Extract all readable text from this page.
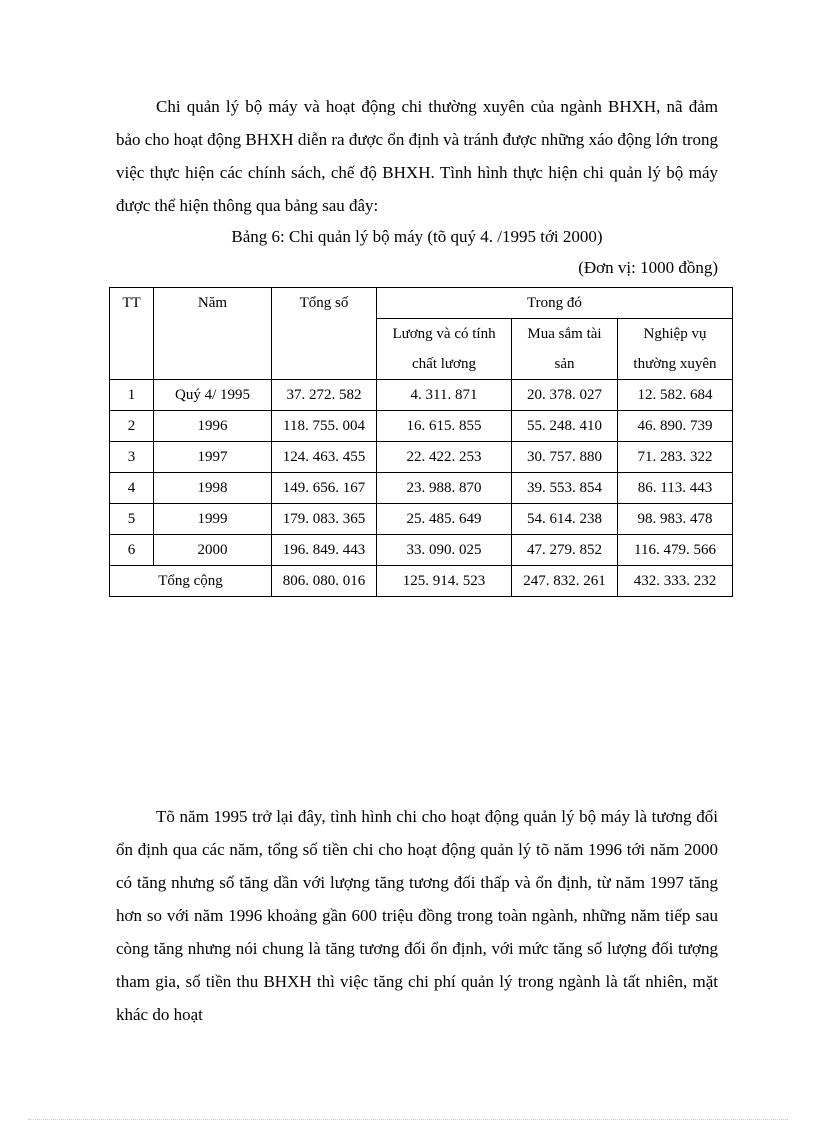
Chi quản lý bộ máy và hoạt động chi thường xuyên của ngành BHXH, nã đảm bảo cho hoạt động BHXH diễn ra được ổn định và tránh được những xáo động lớn trong việc thực hiện các chính sách, chế độ BHXH. Tình hình thực hiện chi quản lý bộ máy được thể hiện thông qua bảng sau đây:

Bảng 6: Chi quản lý bộ máy (tõ quý 4. /1995 tới 2000)
(Đơn vị: 1000 đồng)
TT	Năm	Tổng số	Trong đó		
			Lương và có tính chất lương	Mua sắm tài sản	Nghiệp vụ thường xuyên
1	Quý 4/ 1995	37. 272. 582	4. 311. 871	20. 378. 027	12. 582. 684
2	1996	118. 755. 004	16. 615. 855	55. 248. 410	46. 890. 739
3	1997	124. 463. 455	22. 422. 253	30. 757. 880	71. 283. 322
4	1998	149. 656. 167	23. 988. 870	39. 553. 854	86. 113. 443
5	1999	179. 083. 365	25. 485. 649	54. 614. 238	98. 983. 478
6	2000	196. 849. 443	33. 090. 025	47. 279. 852	116. 479. 566
Tổng cộng		806. 080. 016	125. 914. 523	247. 832. 261	432. 333. 232

Tõ năm 1995 trở lại đây, tình hình chi cho hoạt động quản lý bộ máy là tương đối ổn định qua các năm, tổng số tiền chi cho hoạt động quản lý tõ năm 1996 tới năm 2000 có tăng nhưng số tăng dần với lượng tăng tương đối thấp và ổn định, từ năm 1997 tăng hơn so với năm 1996 khoảng gần 600 triệu đồng trong toàn ngành, những năm tiếp sau còng tăng nhưng nói chung là tăng tương đối ổn định, với mức tăng số lượng đối tượng tham gia, số tiền thu BHXH thì việc tăng chi phí quản lý trong ngành là tất nhiên, mặt khác do hoạt
